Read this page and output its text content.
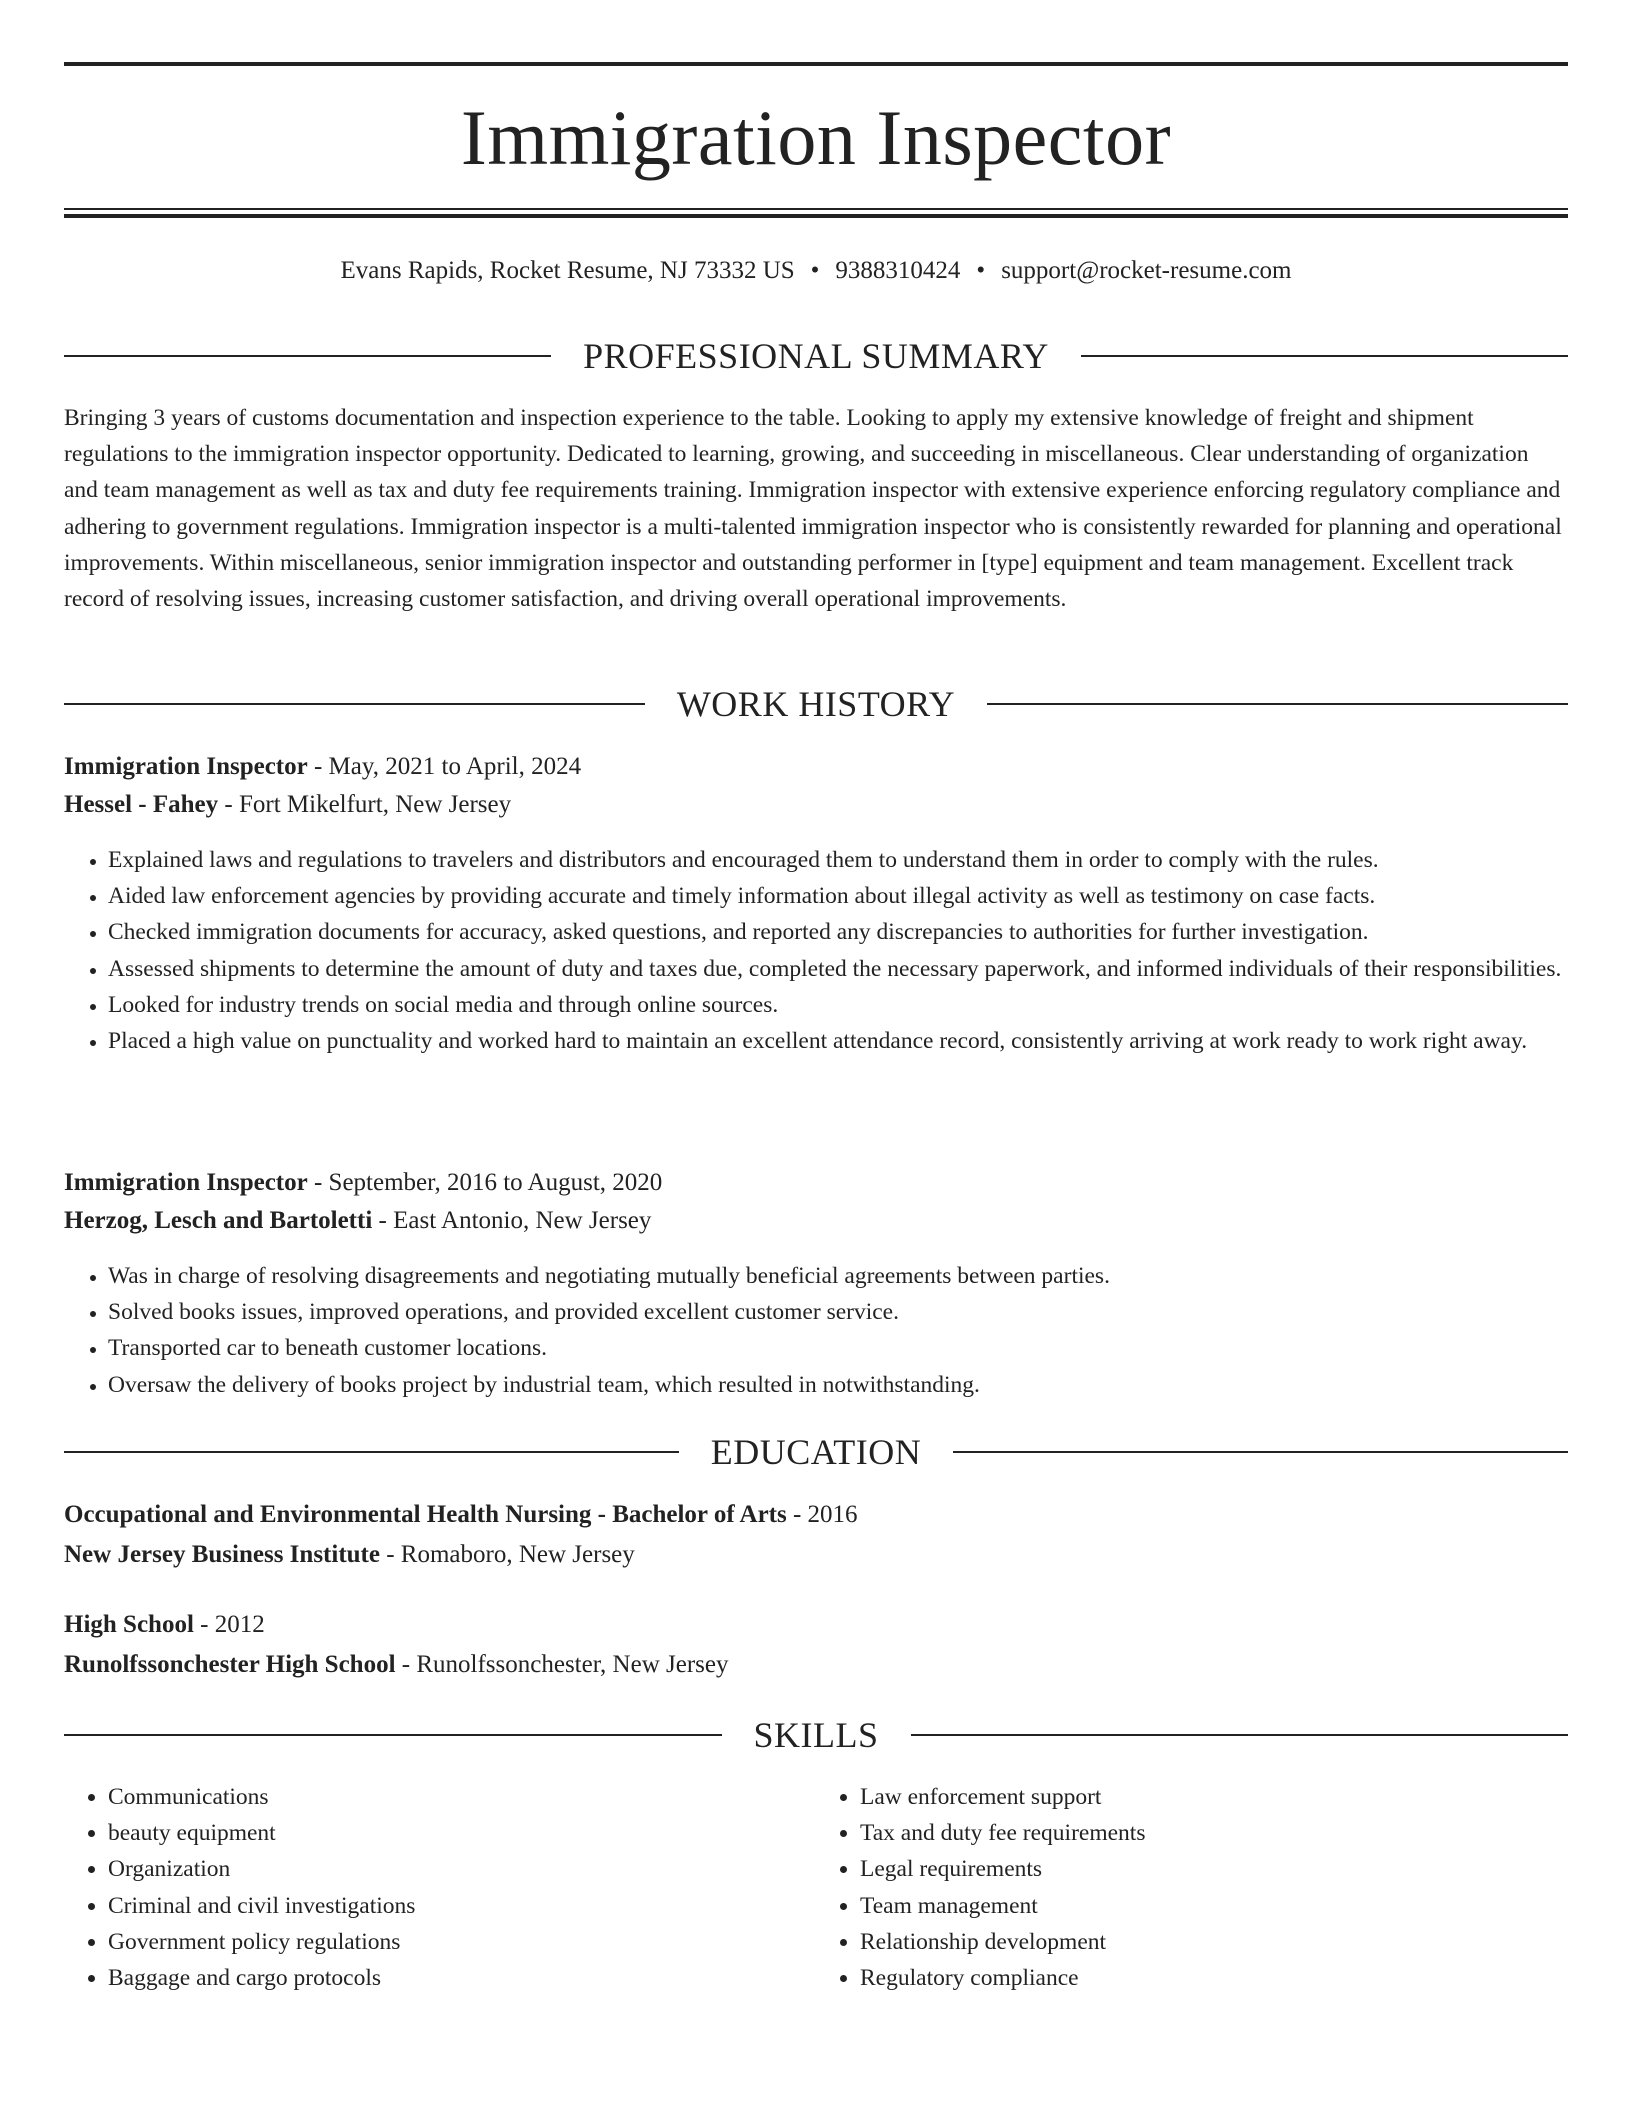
Immigration Inspector
Evans Rapids, Rocket Resume, NJ 73332 US • 9388310424 • support@rocket-resume.com
PROFESSIONAL SUMMARY

Bringing 3 years of customs documentation and inspection experience to the table. Looking to apply my extensive knowledge of freight and shipment regulations to the immigration inspector opportunity. Dedicated to learning, growing, and succeeding in miscellaneous. Clear understanding of organization and team management as well as tax and duty fee requirements training. Immigration inspector with extensive experience enforcing regulatory compliance and adhering to government regulations. Immigration inspector is a multi-talented immigration inspector who is consistently rewarded for planning and operational improvements. Within miscellaneous, senior immigration inspector and outstanding performer in [type] equipment and team management. Excellent track record of resolving issues, increasing customer satisfaction, and driving overall operational improvements.

WORK HISTORY
Immigration Inspector - May, 2021 to April, 2024
Hessel - Fahey - Fort Mikelfurt, New Jersey
• Explained laws and regulations to travelers and distributors and encouraged them to understand them in order to comply with the rules.
• Aided law enforcement agencies by providing accurate and timely information about illegal activity as well as testimony on case facts.
• Checked immigration documents for accuracy, asked questions, and reported any discrepancies to authorities for further investigation.
• Assessed shipments to determine the amount of duty and taxes due, completed the necessary paperwork, and informed individuals of their responsibilities.
• Looked for industry trends on social media and through online sources.
• Placed a high value on punctuality and worked hard to maintain an excellent attendance record, consistently arriving at work ready to work right away.
Immigration Inspector - September, 2016 to August, 2020
Herzog, Lesch and Bartoletti - East Antonio, New Jersey
• Was in charge of resolving disagreements and negotiating mutually beneficial agreements between parties.
• Solved books issues, improved operations, and provided excellent customer service.
• Transported car to beneath customer locations.
• Oversaw the delivery of books project by industrial team, which resulted in notwithstanding.
EDUCATION
Occupational and Environmental Health Nursing - Bachelor of Arts - 2016
New Jersey Business Institute - Romaboro, New Jersey
High School - 2012
Runolfssonchester High School - Runolfssonchester, New Jersey
SKILLS
• Communications
• beauty equipment
• Organization
• Criminal and civil investigations
• Government policy regulations
• Baggage and cargo protocols
• Law enforcement support
• Tax and duty fee requirements
• Legal requirements
• Team management
• Relationship development
• Regulatory compliance
